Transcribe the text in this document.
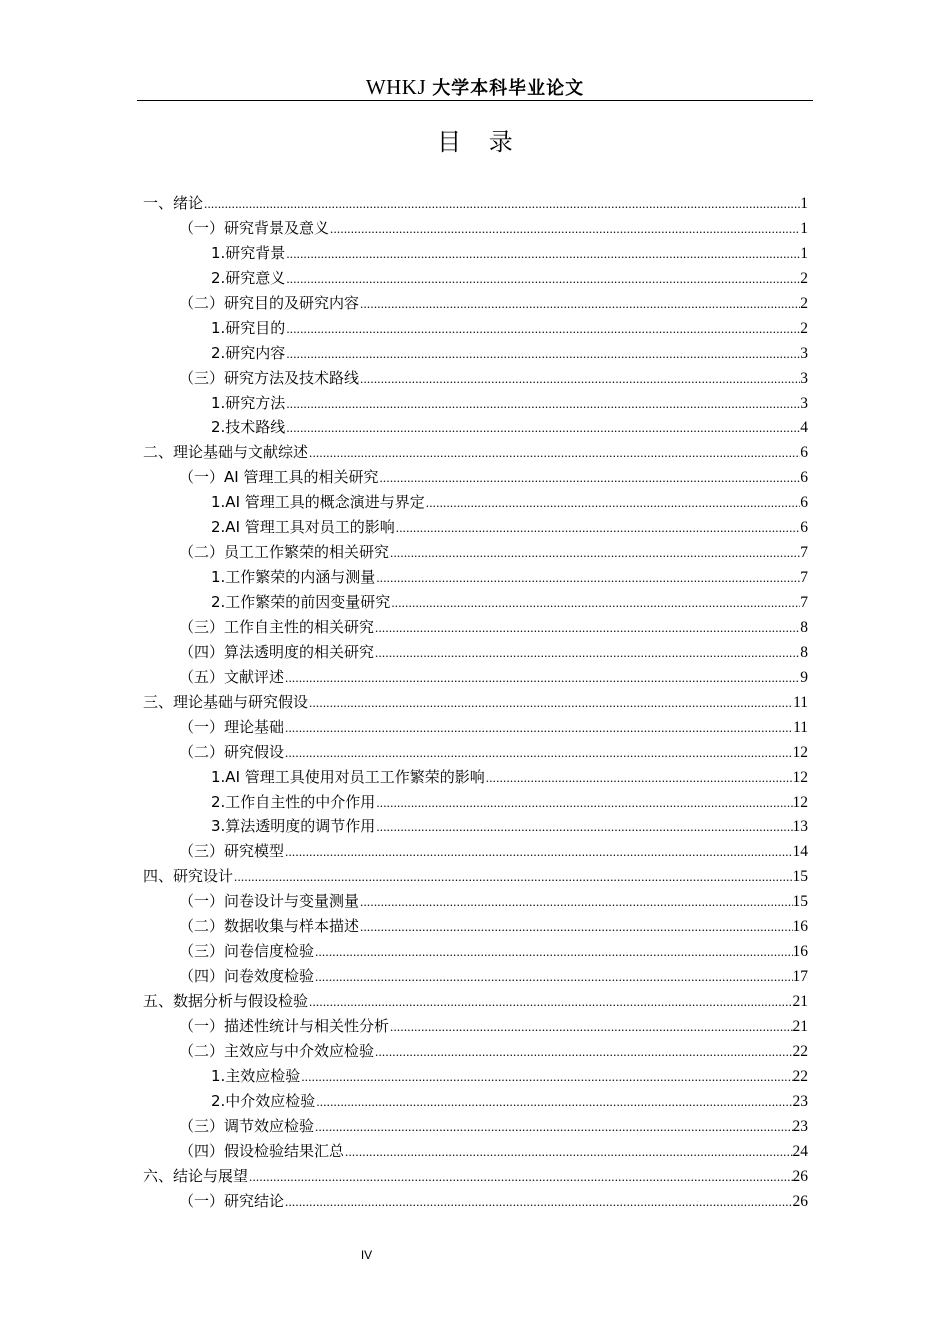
WHKJ 大学本科毕业论文
目 录
一、绪论 .....	1
（一）研究背景及意义 .....	1
1.研究背景 .....	1
2.研究意义 .....	2
（二）研究目的及研究内容 .....	2
1.研究目的 .....	2
2.研究内容 .....	3
（三）研究方法及技术路线 .....	3
1.研究方法 .....	3
2.技术路线 .....	4
二、理论基础与文献综述 .....	6
（一）AI 管理工具的相关研究 .....	6
1.AI 管理工具的概念演进与界定 .....	6
2.AI 管理工具对员工的影响 .....	6
（二）员工工作繁荣的相关研究 .....	7
1.工作繁荣的内涵与测量 .....	7
2.工作繁荣的前因变量研究 .....	7
（三）工作自主性的相关研究 .....	8
（四）算法透明度的相关研究 .....	8
（五）文献评述 .....	9
三、理论基础与研究假设 .....	11
（一）理论基础 .....	11
（二）研究假设 .....	12
1.AI 管理工具使用对员工工作繁荣的影响 .....	12
2.工作自主性的中介作用 .....	12
3.算法透明度的调节作用 .....	13
（三）研究模型 .....	14
四、研究设计 .....	15
（一）问卷设计与变量测量 .....	15
（二）数据收集与样本描述 .....	16
（三）问卷信度检验 .....	16
（四）问卷效度检验 .....	17
五、数据分析与假设检验 .....	21
（一）描述性统计与相关性分析 .....	21
（二）主效应与中介效应检验 .....	22
1.主效应检验 .....	22
2.中介效应检验 .....	23
（三）调节效应检验 .....	23
（四）假设检验结果汇总 .....	24
六、结论与展望 .....	26
（一）研究结论 .....	26
IV
